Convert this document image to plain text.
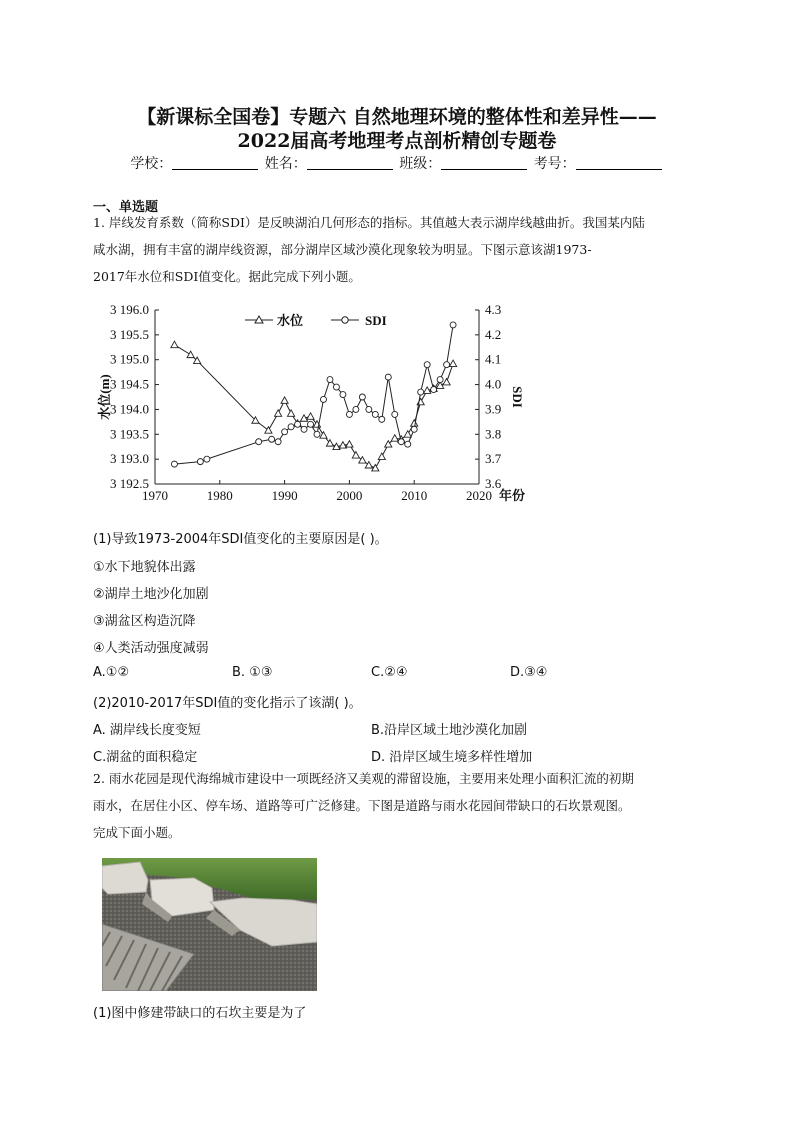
【新课标全国卷】专题六 自然地理环境的整体性和差异性——
2022届高考地理考点剖析精创专题卷
学校：	姓名：	班级：	考号：
一、单选题
1. 岸线发育系数（简称SDI）是反映湖泊几何形态的指标。其值越大表示湖岸线越曲折。我国某内陆
咸水湖，拥有丰富的湖岸线资源，部分湖岸区域沙漠化现象较为明显。下图示意该湖1973-
2017年水位和SDI值变化。据此完成下列小题。
1970	1980	1990	2000	2010	2020 年份
3 192.5
3 193.0
3 193.5
3 194.0
3 194.5
3 195.0
3 195.5
3 196.0
3.6
3.7
3.8
3.9
4.0
4.1
4.2
4.3
水位(m)	SDI
水位	SDI
(1)导致1973-2004年SDI值变化的主要原因是( )。
①水下地貌体出露
②湖岸土地沙化加剧
③湖盆区构造沉降
④人类活动强度减弱
A.①②	B. ①③	C.②④	D.③④
(2)2010-2017年SDI值的变化指示了该湖( )。
A. 湖岸线长度变短	B.沿岸区域土地沙漠化加剧
C.湖盆的面积稳定	D. 沿岸区域生境多样性增加
2. 雨水花园是现代海绵城市建设中一项既经济又美观的滞留设施，主要用来处理小面积汇流的初期
雨水，在居住小区、停车场、道路等可广泛修建。下图是道路与雨水花园间带缺口的石坎景观图。
完成下面小题。
(1)图中修建带缺口的石坎主要是为了
